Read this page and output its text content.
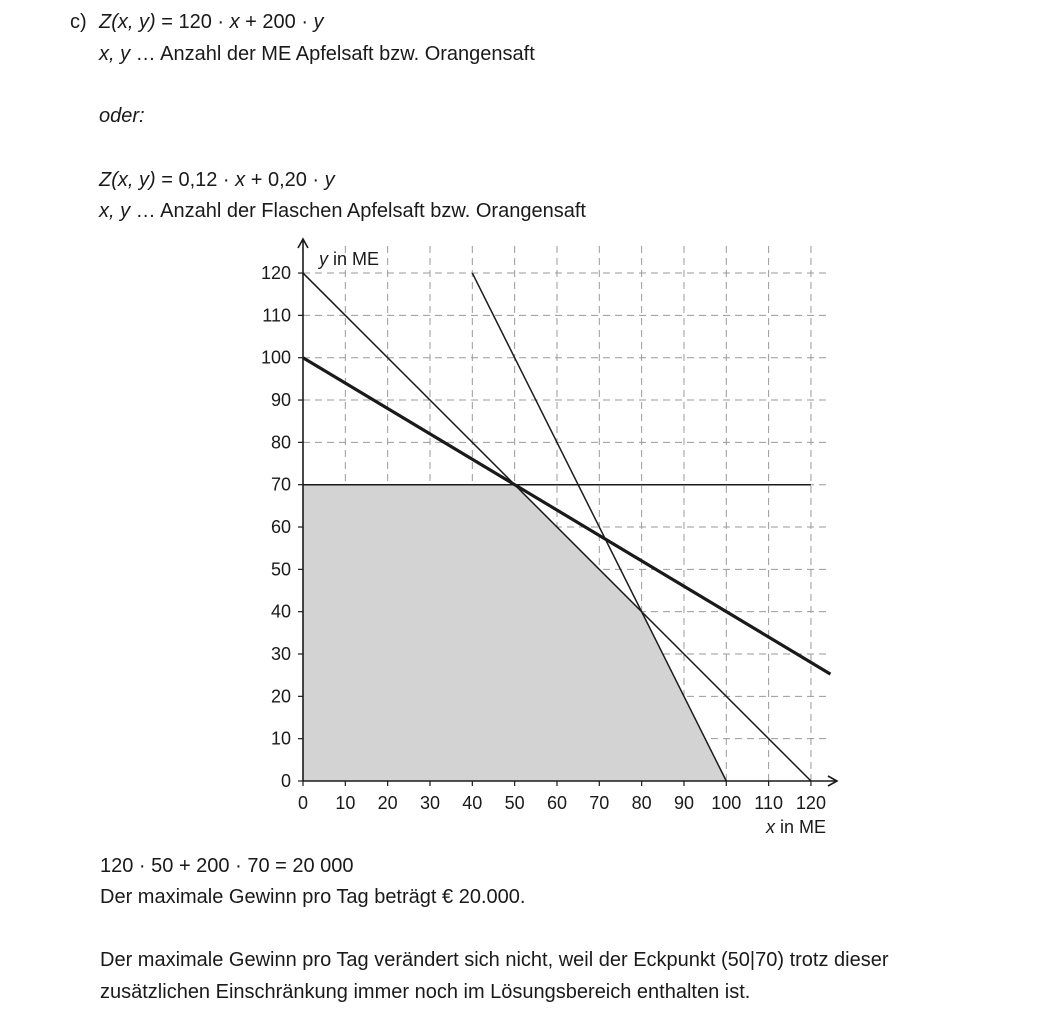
c) Z(x, y) = 120 · x + 200 · y
x, y … Anzahl der ME Apfelsaft bzw. Orangensaft
oder:
Z(x, y) = 0,12 · x + 0,20 · y
x, y … Anzahl der Flaschen Apfelsaft bzw. Orangensaft
0 10 20 30 40 50 60 70 80 90 100 110 120
0
10
20
30
40
50
60
70
80
90
100
110
120
y in ME
x in ME
120 · 50 + 200 · 70 = 20 000
Der maximale Gewinn pro Tag beträgt € 20.000.
Der maximale Gewinn pro Tag verändert sich nicht, weil der Eckpunkt (50|70) trotz dieser
zusätzlichen Einschränkung immer noch im Lösungsbereich enthalten ist.
